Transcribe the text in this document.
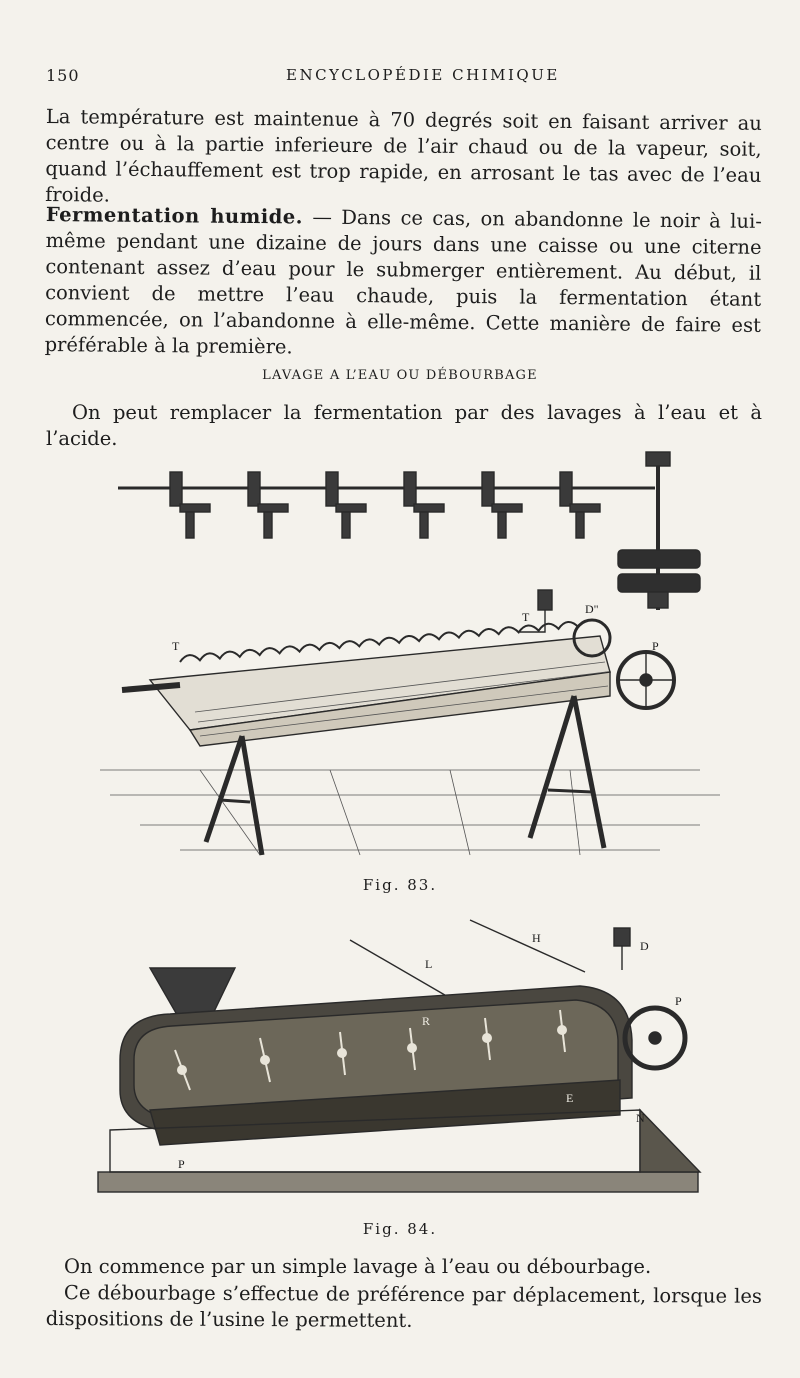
150	ENCYCLOPÉDIE CHIMIQUE

La température est maintenue à 70 degrés soit en faisant arriver au centre ou à la partie inferieure de l’air chaud ou de la vapeur, soit, quand l’échauffement est trop rapide, en arrosant le tas avec de l’eau froide.

Fermentation humide. — Dans ce cas, on abandonne le noir à lui-même pendant une dizaine de jours dans une caisse ou une citerne contenant assez d’eau pour le submerger entièrement. Au début, il convient de mettre l’eau chaude, puis la fermentation étant commencée, on l’abandonne à elle-même. Cette manière de faire est préférable à la première.

LAVAGE A L’EAU OU DÉBOURBAGE

On peut remplacer la fermentation par des lavages à l’eau et à l’acide.

T
D"
T	P
Fig. 83.
L
H
D
R
P
E
N
P
Fig. 84.

On commence par un simple lavage à l’eau ou débourbage.

Ce débourbage s’effectue de préférence par déplacement, lorsque les dispositions de l’usine le permettent.
